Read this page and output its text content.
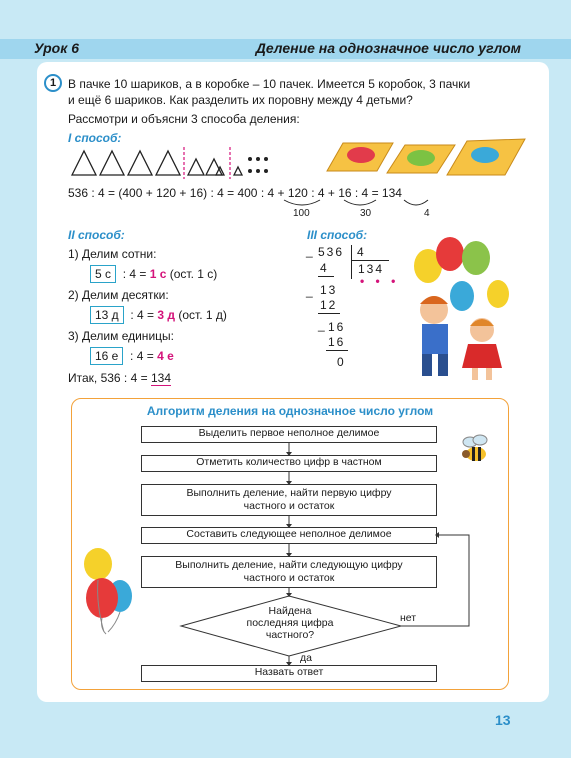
Урок 6	Деление на однозначное число углом
1 В пачке 10 шариков, а в коробке – 10 пачек. Имеется 5 коробок, 3 пачки
и ещё 6 шариков. Как разделить их поровну между 4 детьми?
Рассмотри и объясни 3 способа деления:
I способ:
536 : 4 = (400 + 120 + 16) : 4 = 400 : 4 + 120 : 4 + 16 : 4 = 134
100	30	4
II способ:
1) Делим сотни:
5 с : 4 = 1 с (ост. 1 с)
2) Делим десятки:
13 д : 4 = 3 д (ост. 1 д)
3) Делим единицы:
16 е : 4 = 4 е
Итак, 536 : 4 = 134
III способ:
_ 536 4
134
• • •
4
_ 13
12
_ 16
16
0
Алгоритм деления на однозначное число углом
Выделить первое неполное делимое
Отметить количество цифр в частном
Выполнить деление, найти первую цифру частного и остаток
Составить следующее неполное делимое
Выполнить деление, найти следующую цифру частного и остаток
Назвать ответ
Найдена
последняя цифра
частного?
нет
да
13
